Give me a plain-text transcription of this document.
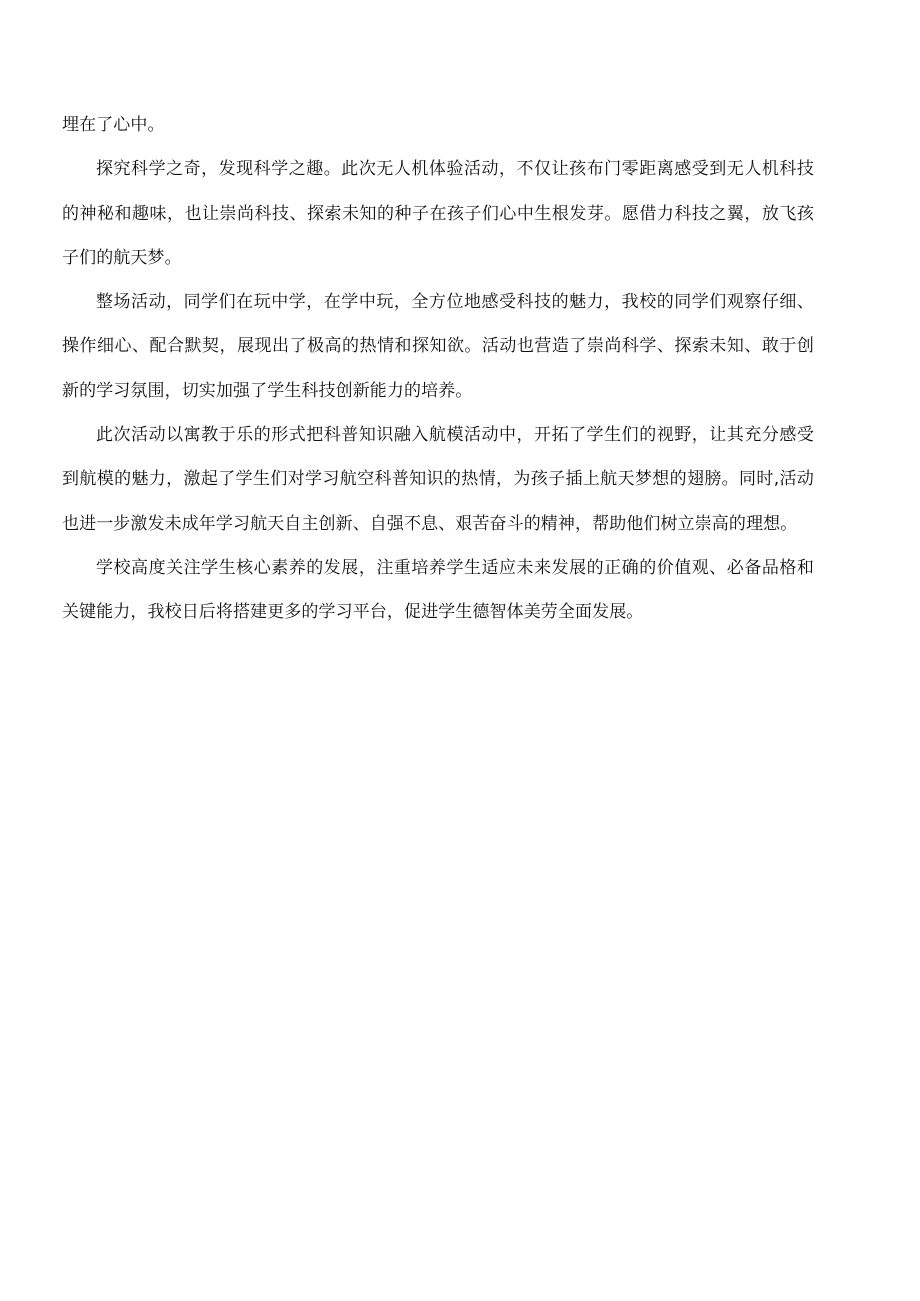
埋在了心中。

探究科学之奇，发现科学之趣。此次无人机体验活动，不仅让孩布门零距离感受到无人机科技的神秘和趣味，也让崇尚科技、探索未知的种子在孩子们心中生根发芽。愿借力科技之翼，放飞孩子们的航天梦。

整场活动，同学们在玩中学，在学中玩，全方位地感受科技的魅力，我校的同学们观察仔细、操作细心、配合默契，展现出了极高的热情和探知欲。活动也营造了崇尚科学、探索未知、敢于创新的学习氛围，切实加强了学生科技创新能力的培养。

此次活动以寓教于乐的形式把科普知识融入航模活动中，开拓了学生们的视野，让其充分感受到航模的魅力，激起了学生们对学习航空科普知识的热情，为孩子插上航天梦想的翅膀。同时,活动也进一步激发未成年学习航天自主创新、自强不息、艰苦奋斗的精神，帮助他们树立崇高的理想。

学校高度关注学生核心素养的发展，注重培养学生适应未来发展的正确的价值观、必备品格和关键能力，我校日后将搭建更多的学习平台，促进学生德智体美劳全面发展。
